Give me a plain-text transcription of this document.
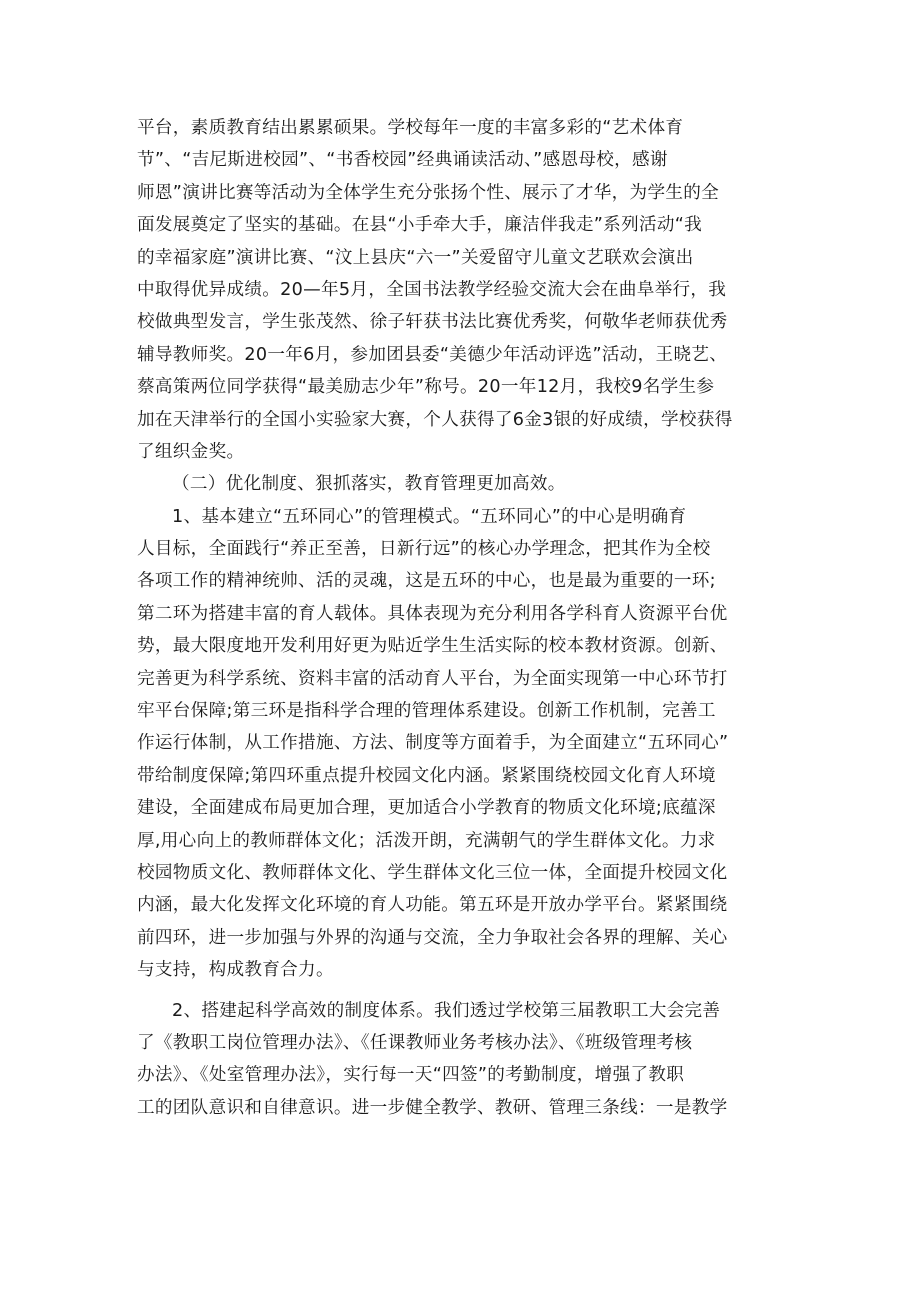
平台，素质教育结出累累硕果。学校每年一度的丰富多彩的“艺术体育
节”、“吉尼斯进校园”、“书香校园”经典诵读活动、”感恩母校，感谢
师恩”演讲比赛等活动为全体学生充分张扬个性、展示了才华，为学生的全
面发展奠定了坚实的基础。在县“小手牵大手，廉洁伴我走”系列活动“我
的幸福家庭”演讲比赛、“汶上县庆“六一”关爱留守儿童文艺联欢会演出
中取得优异成绩。20—年5月，全国书法教学经验交流大会在曲阜举行，我
校做典型发言，学生张茂然、徐子轩获书法比赛优秀奖，何敬华老师获优秀
辅导教师奖。20一年6月，参加团县委“美德少年活动评选”活动，王晓艺、
蔡高策两位同学获得“最美励志少年”称号。20一年12月，我校9名学生参
加在天津举行的全国小实验家大赛，个人获得了6金3银的好成绩，学校获得
了组织金奖。
（二）优化制度、狠抓落实，教育管理更加高效。
1、基本建立“五环同心”的管理模式。“五环同心”的中心是明确育
人目标，全面践行“养正至善，日新行远”的核心办学理念，把其作为全校
各项工作的精神统帅、活的灵魂，这是五环的中心，也是最为重要的一环;
第二环为搭建丰富的育人载体。具体表现为充分利用各学科育人资源平台优
势，最大限度地开发利用好更为贴近学生生活实际的校本教材资源。创新、
完善更为科学系统、资料丰富的活动育人平台，为全面实现第一中心环节打
牢平台保障;第三环是指科学合理的管理体系建设。创新工作机制，完善工
作运行体制，从工作措施、方法、制度等方面着手，为全面建立“五环同心”
带给制度保障;第四环重点提升校园文化内涵。紧紧围绕校园文化育人环境
建设，全面建成布局更加合理，更加适合小学教育的物质文化环境;底蕴深
厚,用心向上的教师群体文化；活泼开朗，充满朝气的学生群体文化。力求
校园物质文化、教师群体文化、学生群体文化三位一体，全面提升校园文化
内涵，最大化发挥文化环境的育人功能。第五环是开放办学平台。紧紧围绕
前四环，进一步加强与外界的沟通与交流，全力争取社会各界的理解、关心
与支持，构成教育合力。
2、搭建起科学高效的制度体系。我们透过学校第三届教职工大会完善
了《教职工岗位管理办法》、《任课教师业务考核办法》、《班级管理考核
办法》、《处室管理办法》，实行每一天“四签”的考勤制度，增强了教职
工的团队意识和自律意识。进一步健全教学、教研、管理三条线：一是教学
